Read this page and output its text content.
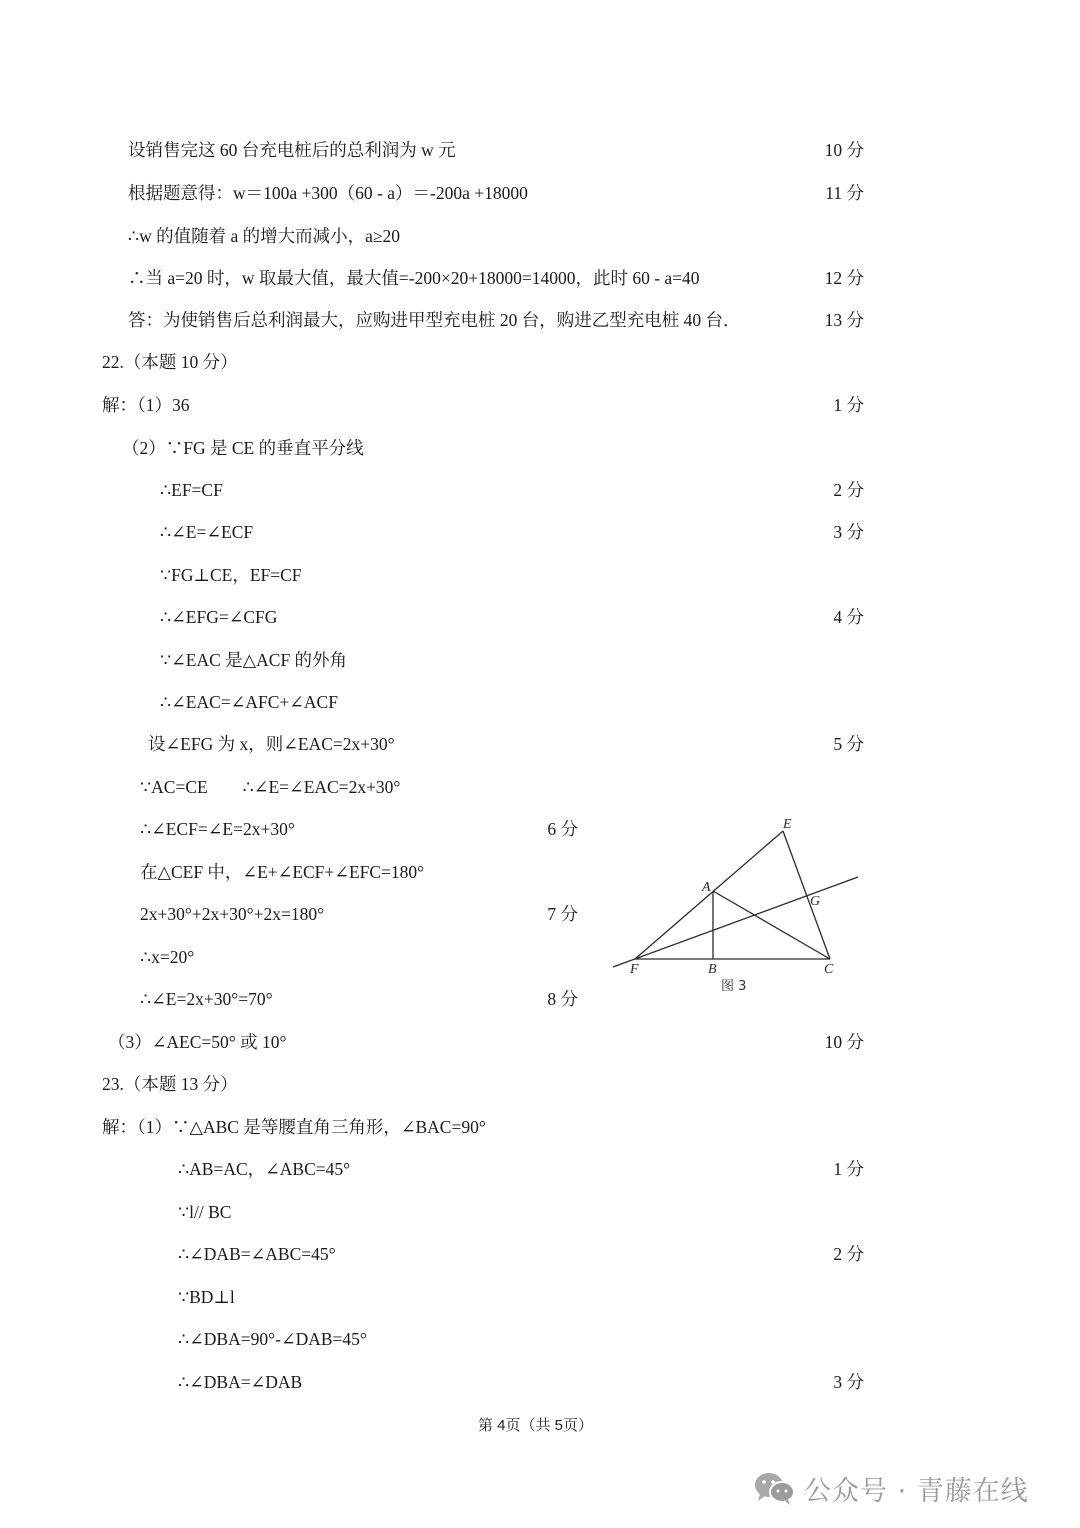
设销售完这 60 台充电桩后的总利润为 w 元	10 分
根据题意得：w＝100a +300（60 - a）＝-200a +18000	11 分
∴w 的值随着 a 的增大而减小，a≥20
∴当 a=20 时，w 取最大值，最大值=-200×20+18000=14000，此时 60 - a=40	12 分
答：为使销售后总利润最大，应购进甲型充电桩 20 台，购进乙型充电桩 40 台．	13 分
22.（本题 10 分）
解：（1）36	1 分
（2）∵FG 是 CE 的垂直平分线
∴EF=CF	2 分
∴∠E=∠ECF	3 分
∵FG⊥CE，EF=CF
∴∠EFG=∠CFG	4 分
∵∠EAC 是△ACF 的外角
∴∠EAC=∠AFC+∠ACF
设∠EFG 为 x，则∠EAC=2x+30°	5 分
∵AC=CE　　∴∠E=∠EAC=2x+30°
∴∠ECF=∠E=2x+30°	6 分
在△CEF 中，∠E+∠ECF+∠EFC=180°
2x+30°+2x+30°+2x=180°	7 分
∴x=20°
∴∠E=2x+30°=70°	8 分
E
A
G
F	B	C
图 3
（3）∠AEC=50° 或 10°	10 分
23.（本题 13 分）
解：（1）∵△ABC 是等腰直角三角形，∠BAC=90°
∴AB=AC，∠ABC=45°	1 分
∵l// BC
∴∠DAB=∠ABC=45°	2 分
∵BD⊥l
∴∠DBA=90°-∠DAB=45°
∴∠DBA=∠DAB	3 分
第 4页（共 5页）
公众号 · 青藤在线
